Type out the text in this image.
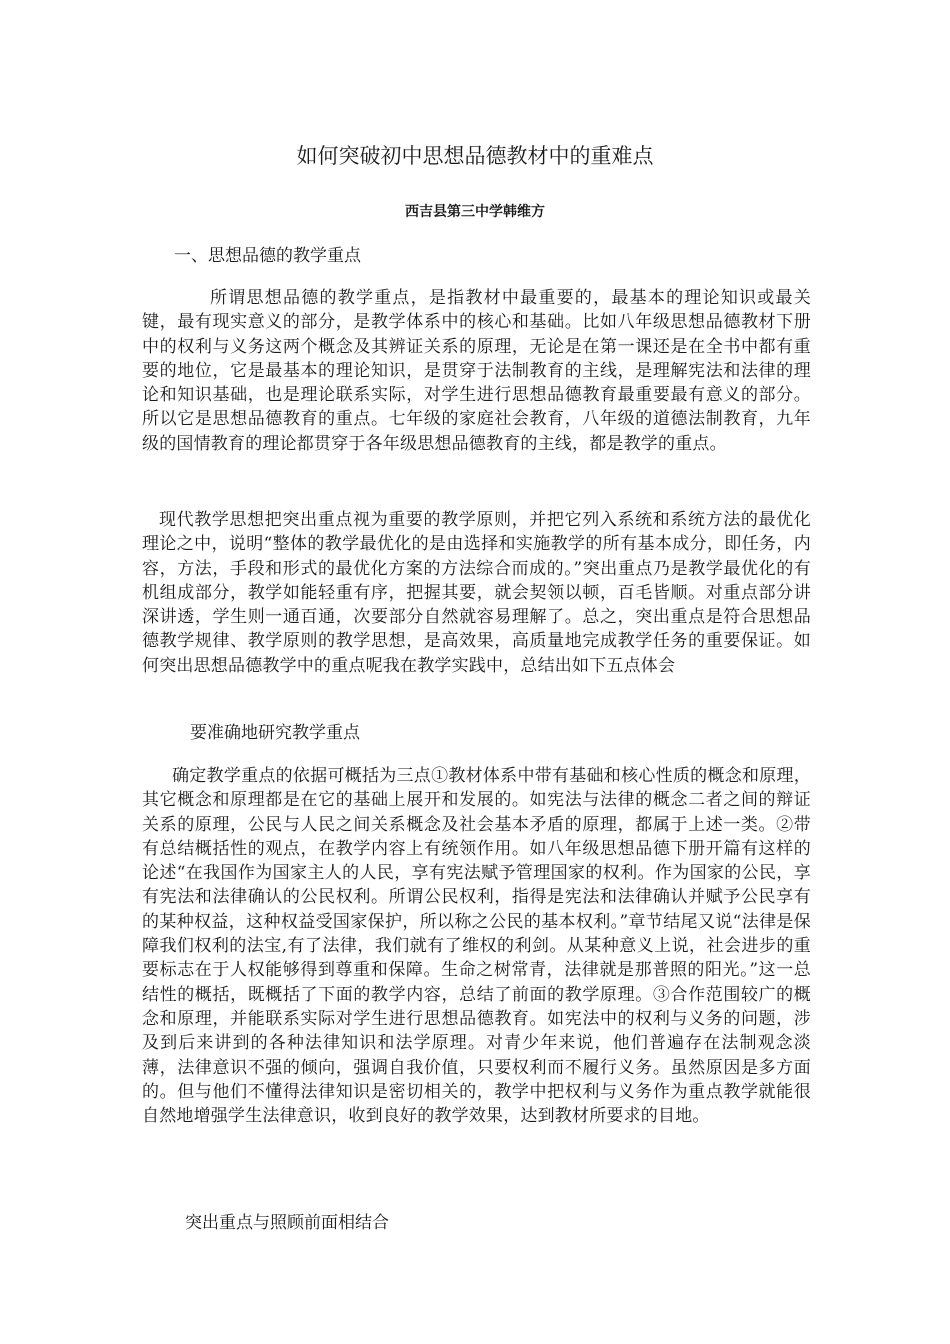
如何突破初中思想品德教材中的重难点

西吉县第三中学韩维方

一、思想品德的教学重点

所谓思想品德的教学重点，是指教材中最重要的，最基本的理论知识或最关键，最有现实意义的部分，是教学体系中的核心和基础。比如八年级思想品德教材下册中的权利与义务这两个概念及其辨证关系的原理，无论是在第一课还是在全书中都有重要的地位，它是最基本的理论知识，是贯穿于法制教育的主线，是理解宪法和法律的理论和知识基础，也是理论联系实际，对学生进行思想品德教育最重要最有意义的部分。所以它是思想品德教育的重点。七年级的家庭社会教育，八年级的道德法制教育，九年级的国情教育的理论都贯穿于各年级思想品德教育的主线，都是教学的重点。

现代教学思想把突出重点视为重要的教学原则，并把它列入系统和系统方法的最优化理论之中，说明“整体的教学最优化的是由选择和实施教学的所有基本成分，即任务，内容，方法，手段和形式的最优化方案的方法综合而成的。”突出重点乃是教学最优化的有机组成部分，教学如能轻重有序，把握其要，就会契领以顿，百毛皆顺。对重点部分讲深讲透，学生则一通百通，次要部分自然就容易理解了。总之，突出重点是符合思想品德教学规律、教学原则的教学思想，是高效果，高质量地完成教学任务的重要保证。如何突出思想品德教学中的重点呢我在教学实践中，总结出如下五点体会

要准确地研究教学重点

确定教学重点的依据可概括为三点①教材体系中带有基础和核心性质的概念和原理，其它概念和原理都是在它的基础上展开和发展的。如宪法与法律的概念二者之间的辩证关系的原理，公民与人民之间关系概念及社会基本矛盾的原理，都属于上述一类。②带有总结概括性的观点，在教学内容上有统领作用。如八年级思想品德下册开篇有这样的论述“在我国作为国家主人的人民，享有宪法赋予管理国家的权利。作为国家的公民，享有宪法和法律确认的公民权利。所谓公民权利，指得是宪法和法律确认并赋予公民享有的某种权益，这种权益受国家保护，所以称之公民的基本权利。”章节结尾又说“法律是保障我们权利的法宝,有了法律，我们就有了维权的利剑。从某种意义上说，社会进步的重要标志在于人权能够得到尊重和保障。生命之树常青，法律就是那普照的阳光。”这一总结性的概括，既概括了下面的教学内容，总结了前面的教学原理。③合作范围较广的概念和原理，并能联系实际对学生进行思想品德教育。如宪法中的权利与义务的问题，涉及到后来讲到的各种法律知识和法学原理。对青少年来说，他们普遍存在法制观念淡薄，法律意识不强的倾向，强调自我价值，只要权利而不履行义务。虽然原因是多方面的。但与他们不懂得法律知识是密切相关的，教学中把权利与义务作为重点教学就能很自然地增强学生法律意识，收到良好的教学效果，达到教材所要求的目地。

突出重点与照顾前面相结合
